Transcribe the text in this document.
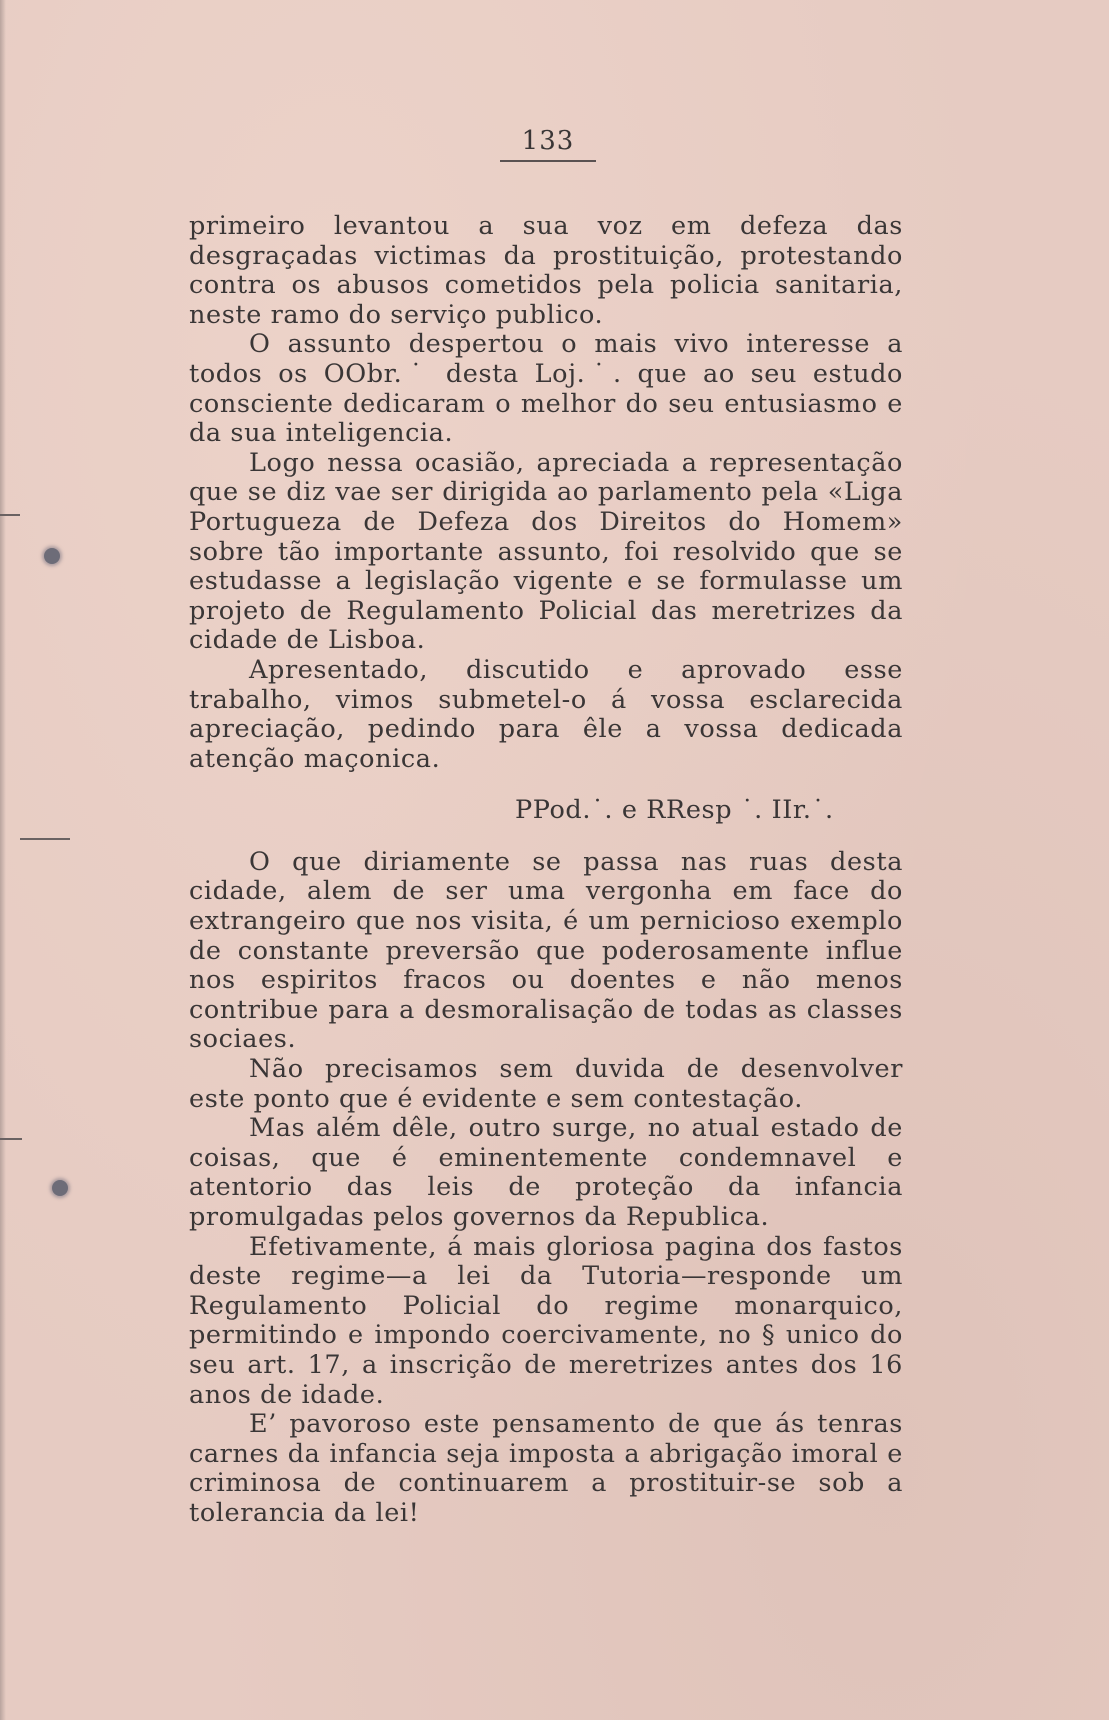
133

primeiro levantou a sua voz em defeza das desgraçadas victimas da prostituição, protestando contra os abusos cometidos pela policia sanitaria, neste ramo do serviço publico.

O assunto despertou o mais vivo interesse a todos os OObr.˙ desta Loj.˙. que ao seu estudo consciente dedicaram o melhor do seu entusiasmo e da sua inteligencia.

Logo nessa ocasião, apreciada a representação que se diz vae ser dirigida ao parlamento pela «Liga Portugueza de Defeza dos Direitos do Homem» sobre tão importante assunto, foi resolvido que se estudasse a legislação vigente e se formulasse um projeto de Regulamento Policial das meretrizes da cidade de Lisboa.

Apresentado, discutido e aprovado esse trabalho, vimos submetel-o á vossa esclarecida apreciação, pedindo para êle a vossa dedicada atenção maçonica.

PPod.˙. e RResp ˙. IIr.˙.

O que diriamente se passa nas ruas desta cidade, alem de ser uma vergonha em face do extrangeiro que nos visita, é um pernicioso exemplo de constante preversão que poderosamente influe nos espiritos fracos ou doentes e não menos contribue para a desmoralisação de todas as classes sociaes.

Não precisamos sem duvida de desenvolver este ponto que é evidente e sem contestação.

Mas além dêle, outro surge, no atual estado de coisas, que é eminentemente condemnavel e atentorio das leis de proteção da infancia promulgadas pelos governos da Republica.

Efetivamente, á mais gloriosa pagina dos fastos deste regime—a lei da Tutoria—responde um Regulamento Policial do regime monarquico, permitindo e impondo coercivamente, no § unico do seu art. 17, a inscrição de meretrizes antes dos 16 anos de idade.

E’ pavoroso este pensamento de que ás tenras carnes da infancia seja imposta a abrigação imoral e criminosa de continuarem a prostituir-se sob a tolerancia da lei!
